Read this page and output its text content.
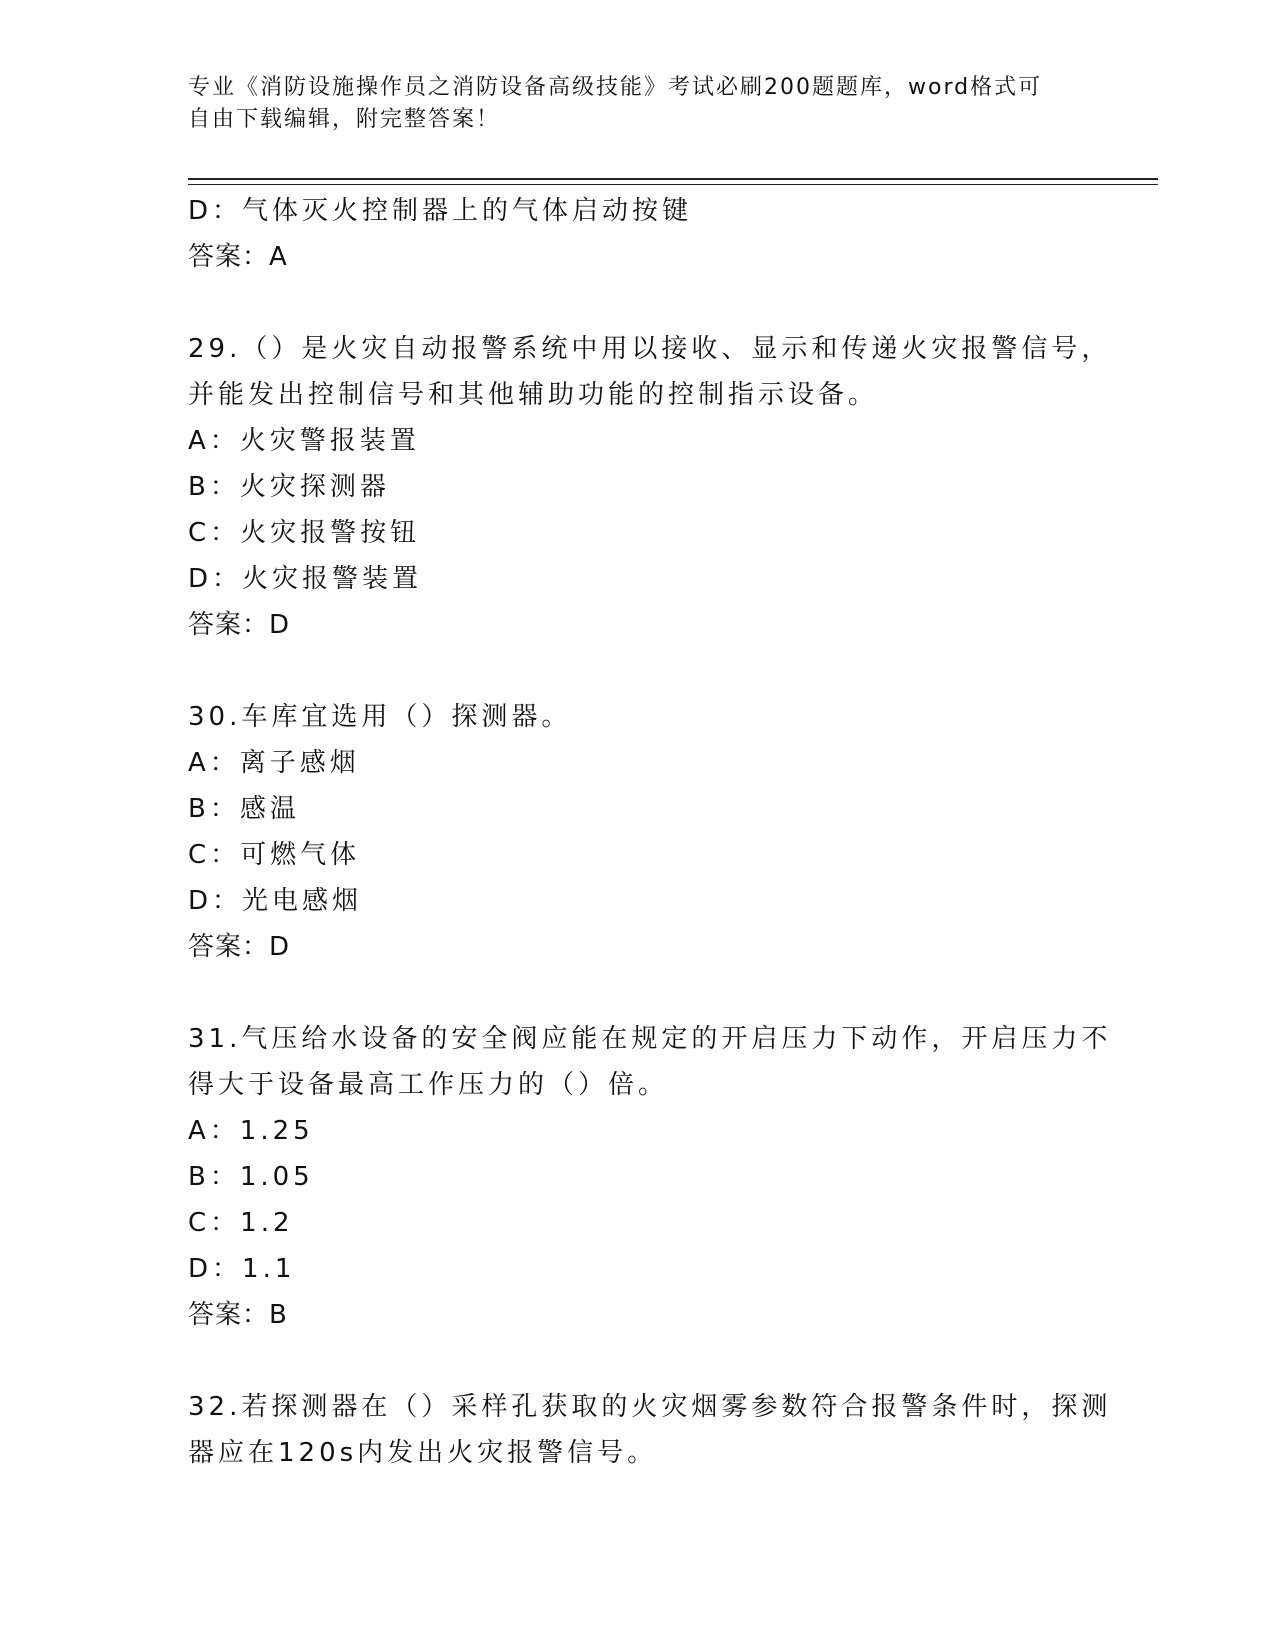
专业《消防设施操作员之消防设备高级技能》考试必刷200题题库，word格式可
自由下载编辑，附完整答案！
D：气体灭火控制器上的气体启动按键
答案：A
29.（）是火灾自动报警系统中用以接收、显示和传递火灾报警信号，
并能发出控制信号和其他辅助功能的控制指示设备。
A：火灾警报装置
B：火灾探测器
C：火灾报警按钮
D：火灾报警装置
答案：D
30.车库宜选用（）探测器。
A：离子感烟
B：感温
C：可燃气体
D：光电感烟
答案：D
31.气压给水设备的安全阀应能在规定的开启压力下动作，开启压力不
得大于设备最高工作压力的（）倍。
A：1.25
B：1.05
C：1.2
D：1.1
答案：B
32.若探测器在（）采样孔获取的火灾烟雾参数符合报警条件时，探测
器应在120s内发出火灾报警信号。
